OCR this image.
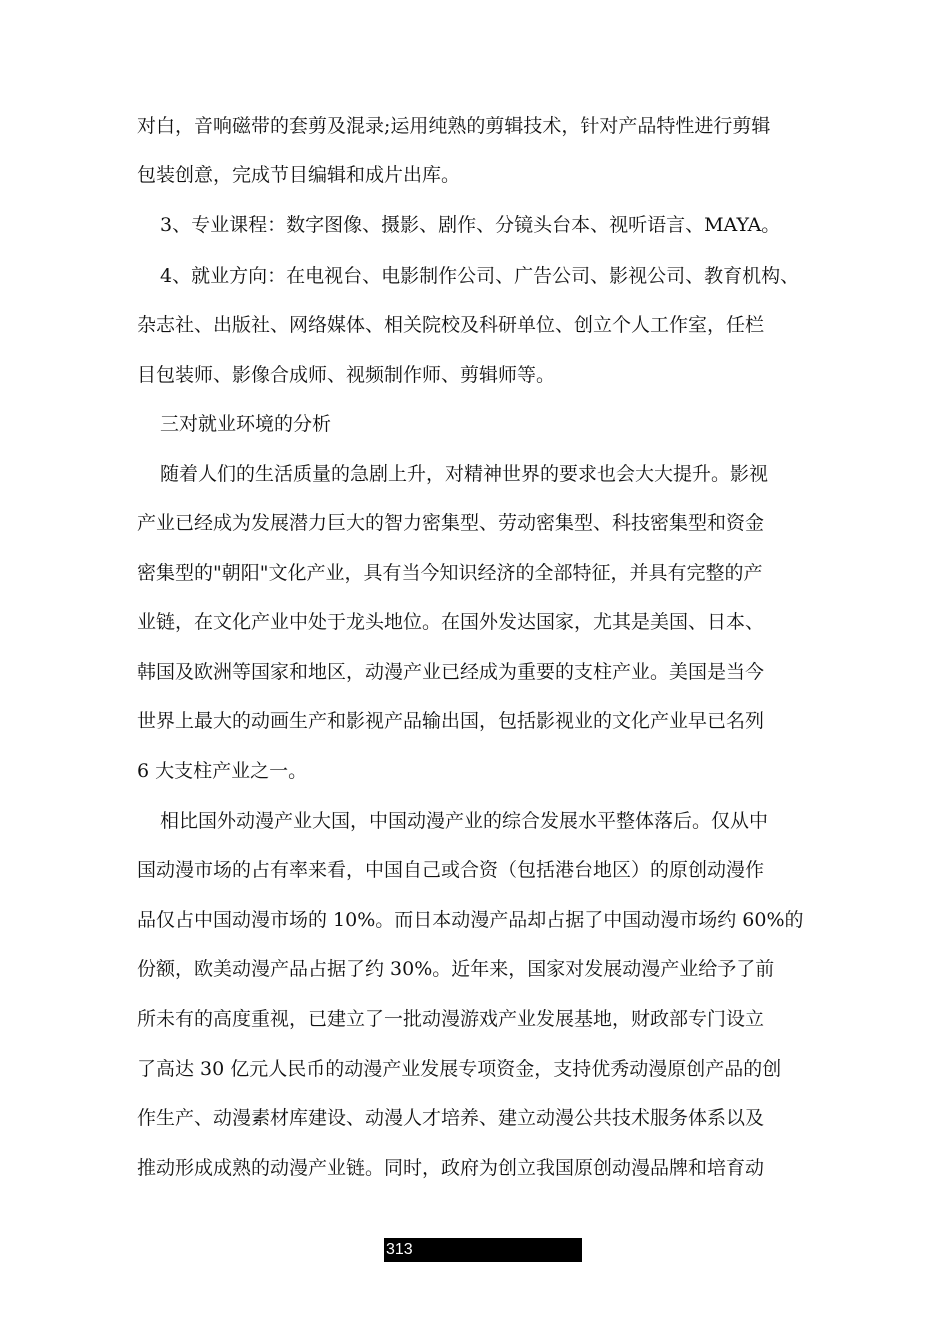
对白，音响磁带的套剪及混录;运用纯熟的剪辑技术，针对产品特性进行剪辑

包装创意，完成节目编辑和成片出库。

3、专业课程：数字图像、摄影、剧作、分镜头台本、视听语言、MAYA。

4、就业方向：在电视台、电影制作公司、广告公司、影视公司、教育机构、

杂志社、出版社、网络媒体、相关院校及科研单位、创立个人工作室，任栏

目包装师、影像合成师、视频制作师、剪辑师等。

三对就业环境的分析

随着人们的生活质量的急剧上升，对精神世界的要求也会大大提升。影视

产业已经成为发展潜力巨大的智力密集型、劳动密集型、科技密集型和资金

密集型的"朝阳"文化产业，具有当今知识经济的全部特征，并具有完整的产

业链，在文化产业中处于龙头地位。在国外发达国家，尤其是美国、日本、

韩国及欧洲等国家和地区，动漫产业已经成为重要的支柱产业。美国是当今

世界上最大的动画生产和影视产品输出国，包括影视业的文化产业早已名列

6 大支柱产业之一。

相比国外动漫产业大国，中国动漫产业的综合发展水平整体落后。仅从中

国动漫市场的占有率来看，中国自己或合资（包括港台地区）的原创动漫作

品仅占中国动漫市场的 10%。而日本动漫产品却占据了中国动漫市场约 60%的

份额，欧美动漫产品占据了约 30%。近年来，国家对发展动漫产业给予了前

所未有的高度重视，已建立了一批动漫游戏产业发展基地，财政部专门设立

了高达 30 亿元人民币的动漫产业发展专项资金，支持优秀动漫原创产品的创

作生产、动漫素材库建设、动漫人才培养、建立动漫公共技术服务体系以及

推动形成成熟的动漫产业链。同时，政府为创立我国原创动漫品牌和培育动

313
